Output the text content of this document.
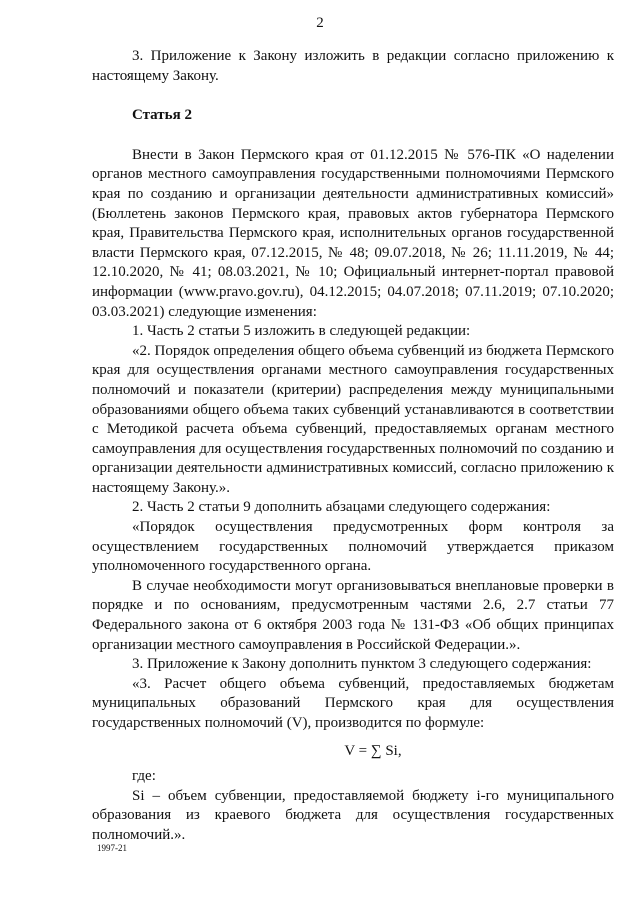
2

3. Приложение к Закону изложить в редакции согласно приложению к настоящему Закону.

Статья 2

Внести в Закон Пермского края от 01.12.2015 № 576-ПК «О наделении органов местного самоуправления государственными полномочиями Пермского края по созданию и организации деятельности административных комиссий» (Бюллетень законов Пермского края, правовых актов губернатора Пермского края, Правительства Пермского края, исполнительных органов государственной власти Пермского края, 07.12.2015, № 48; 09.07.2018, № 26; 11.11.2019, № 44; 12.10.2020, № 41; 08.03.2021, № 10; Официальный интернет-портал правовой информации (www.pravo.gov.ru), 04.12.2015; 04.07.2018; 07.11.2019; 07.10.2020; 03.03.2021) следующие изменения:

1. Часть 2 статьи 5 изложить в следующей редакции:

«2. Порядок определения общего объема субвенций из бюджета Пермского края для осуществления органами местного самоуправления государственных полномочий и показатели (критерии) распределения между муниципальными образованиями общего объема таких субвенций устанавливаются в соответствии с Методикой расчета объема субвенций, предоставляемых органам местного самоуправления для осуществления государственных полномочий по созданию и организации деятельности административных комиссий, согласно приложению к настоящему Закону.».

2. Часть 2 статьи 9 дополнить абзацами следующего содержания:

«Порядок осуществления предусмотренных форм контроля за осуществлением государственных полномочий утверждается приказом уполномоченного государственного органа.

В случае необходимости могут организовываться внеплановые проверки в порядке и по основаниям, предусмотренным частями 2.6, 2.7 статьи 77 Федерального закона от 6 октября 2003 года № 131-ФЗ «Об общих принципах организации местного самоуправления в Российской Федерации.».

3. Приложение к Закону дополнить пунктом 3 следующего содержания:

«3. Расчет общего объема субвенций, предоставляемых бюджетам муниципальных образований Пермского края для осуществления государственных полномочий (V), производится по формуле:

V = ∑ Si,

где:

Si – объем субвенции, предоставляемой бюджету i-го муниципального образования из краевого бюджета для осуществления государственных полномочий.».

1997-21
